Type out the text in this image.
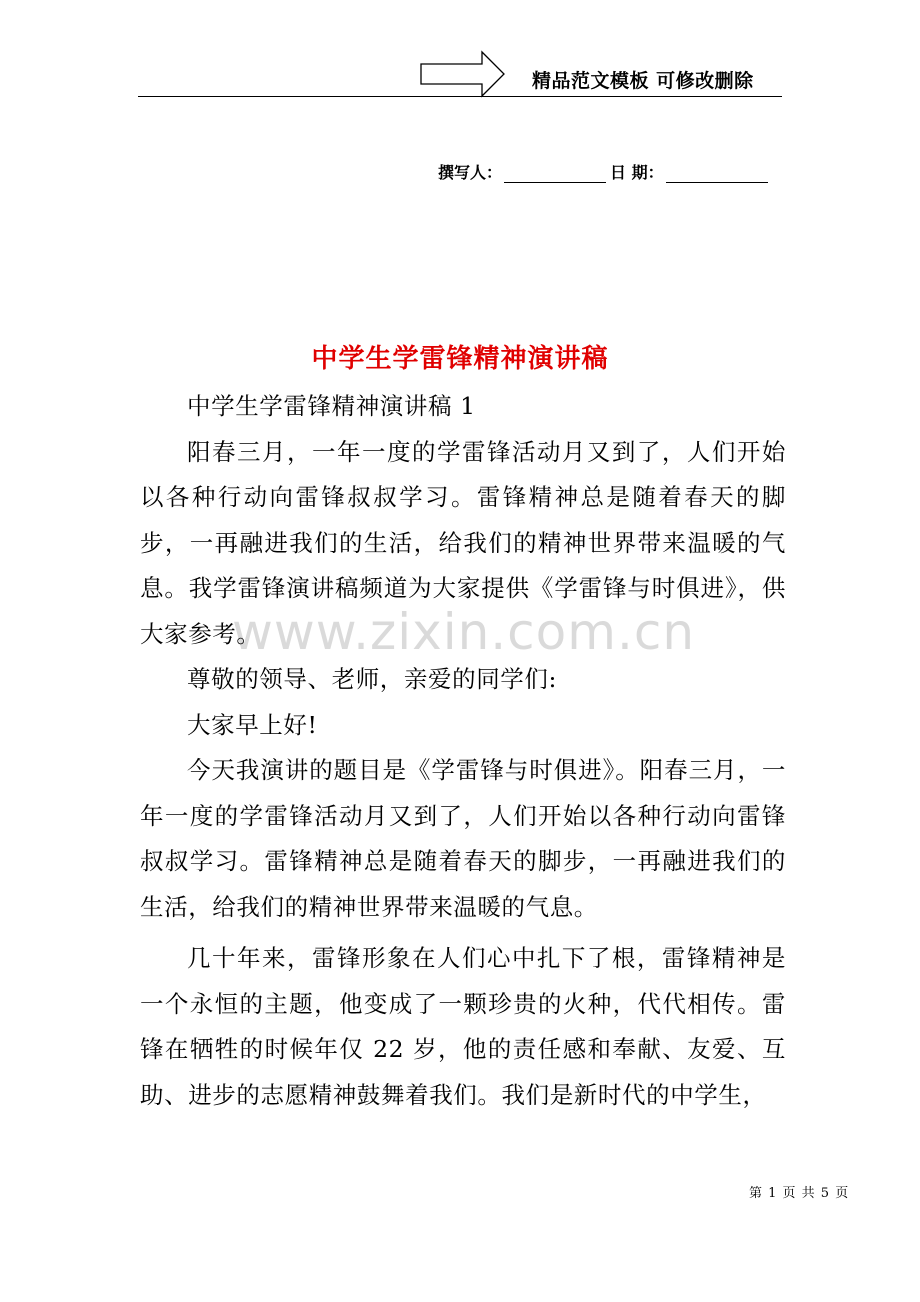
精品范文模板 可修改删除
撰写人：	日 期：
中学生学雷锋精神演讲稿
www.zixin.com.cn

中学生学雷锋精神演讲稿 1

阳春三月，一年一度的学雷锋活动月又到了，人们开始以各种行动向雷锋叔叔学习。雷锋精神总是随着春天的脚步，一再融进我们的生活，给我们的精神世界带来温暖的气息。我学雷锋演讲稿频道为大家提供《学雷锋与时俱进》，供大家参考。

尊敬的领导、老师，亲爱的同学们:

大家早上好!

今天我演讲的题目是《学雷锋与时俱进》。阳春三月，一年一度的学雷锋活动月又到了，人们开始以各种行动向雷锋叔叔学习。雷锋精神总是随着春天的脚步，一再融进我们的生活，给我们的精神世界带来温暖的气息。

几十年来，雷锋形象在人们心中扎下了根，雷锋精神是一个永恒的主题，他变成了一颗珍贵的火种，代代相传。雷锋在牺牲的时候年仅 22 岁，他的责任感和奉献、友爱、互助、进步的志愿精神鼓舞着我们。我们是新时代的中学生，

第 1 页 共 5 页
